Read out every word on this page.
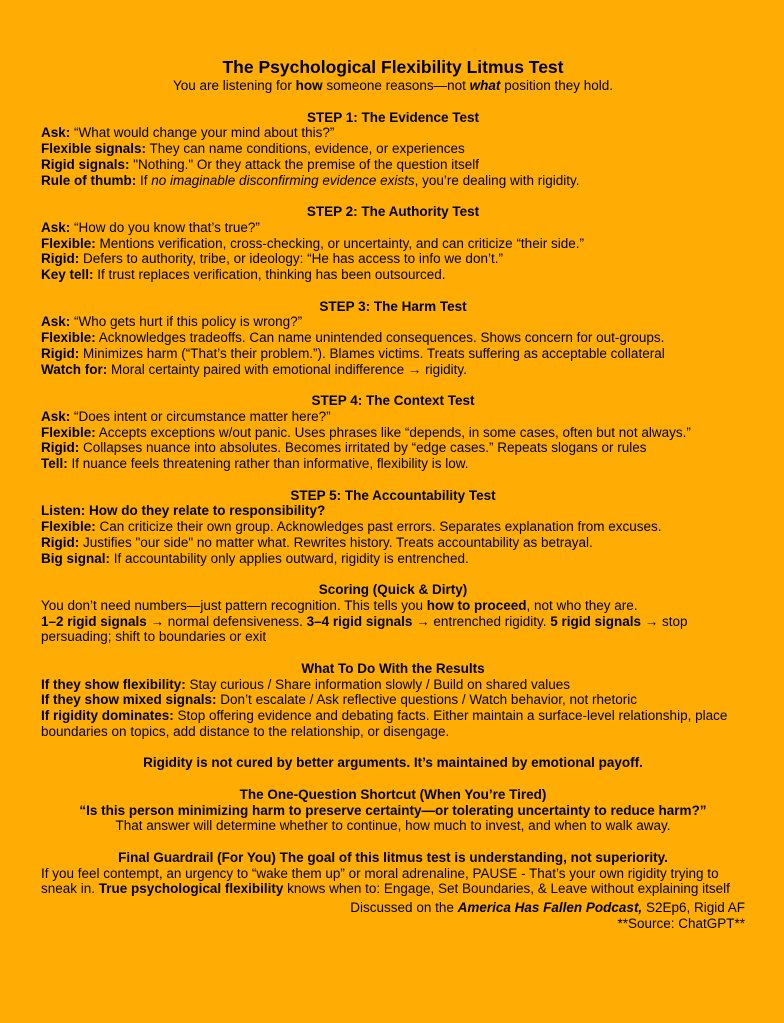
The Psychological Flexibility Litmus Test
You are listening for how someone reasons—not what position they hold.
STEP 1: The Evidence Test
Ask: “What would change your mind about this?”
Flexible signals: They can name conditions, evidence, or experiences
Rigid signals: "Nothing." Or they attack the premise of the question itself
Rule of thumb: If no imaginable disconfirming evidence exists, you’re dealing with rigidity.
STEP 2: The Authority Test
Ask: “How do you know that’s true?”
Flexible: Mentions verification, cross-checking, or uncertainty, and can criticize “their side.”
Rigid: Defers to authority, tribe, or ideology: “He has access to info we don’t.”
Key tell: If trust replaces verification, thinking has been outsourced.
STEP 3: The Harm Test
Ask: “Who gets hurt if this policy is wrong?”
Flexible: Acknowledges tradeoffs. Can name unintended consequences. Shows concern for out-groups.
Rigid: Minimizes harm (“That’s their problem.”). Blames victims. Treats suffering as acceptable collateral
Watch for: Moral certainty paired with emotional indifference → rigidity.
STEP 4: The Context Test
Ask: “Does intent or circumstance matter here?”
Flexible: Accepts exceptions w/out panic. Uses phrases like “depends, in some cases, often but not always.”
Rigid: Collapses nuance into absolutes. Becomes irritated by “edge cases.” Repeats slogans or rules
Tell: If nuance feels threatening rather than informative, flexibility is low.
STEP 5: The Accountability Test
Listen: How do they relate to responsibility?
Flexible: Can criticize their own group. Acknowledges past errors. Separates explanation from excuses.
Rigid: Justifies "our side" no matter what. Rewrites history. Treats accountability as betrayal.
Big signal: If accountability only applies outward, rigidity is entrenched.
Scoring (Quick & Dirty)
You don’t need numbers—just pattern recognition. This tells you how to proceed, not who they are.
1–2 rigid signals → normal defensiveness. 3–4 rigid signals → entrenched rigidity. 5 rigid signals → stop persuading; shift to boundaries or exit
What To Do With the Results
If they show flexibility: Stay curious / Share information slowly / Build on shared values
If they show mixed signals: Don’t escalate / Ask reflective questions / Watch behavior, not rhetoric
If rigidity dominates: Stop offering evidence and debating facts. Either maintain a surface-level relationship, place boundaries on topics, add distance to the relationship, or disengage.
Rigidity is not cured by better arguments. It’s maintained by emotional payoff.
The One-Question Shortcut (When You’re Tired)
“Is this person minimizing harm to preserve certainty—or tolerating uncertainty to reduce harm?”
That answer will determine whether to continue, how much to invest, and when to walk away.
Final Guardrail (For You) The goal of this litmus test is understanding, not superiority.
If you feel contempt, an urgency to “wake them up” or moral adrenaline, PAUSE - That’s your own rigidity trying to sneak in. True psychological flexibility knows when to: Engage, Set Boundaries, & Leave without explaining itself
Discussed on the America Has Fallen Podcast, S2Ep6, Rigid AF
**Source: ChatGPT**
